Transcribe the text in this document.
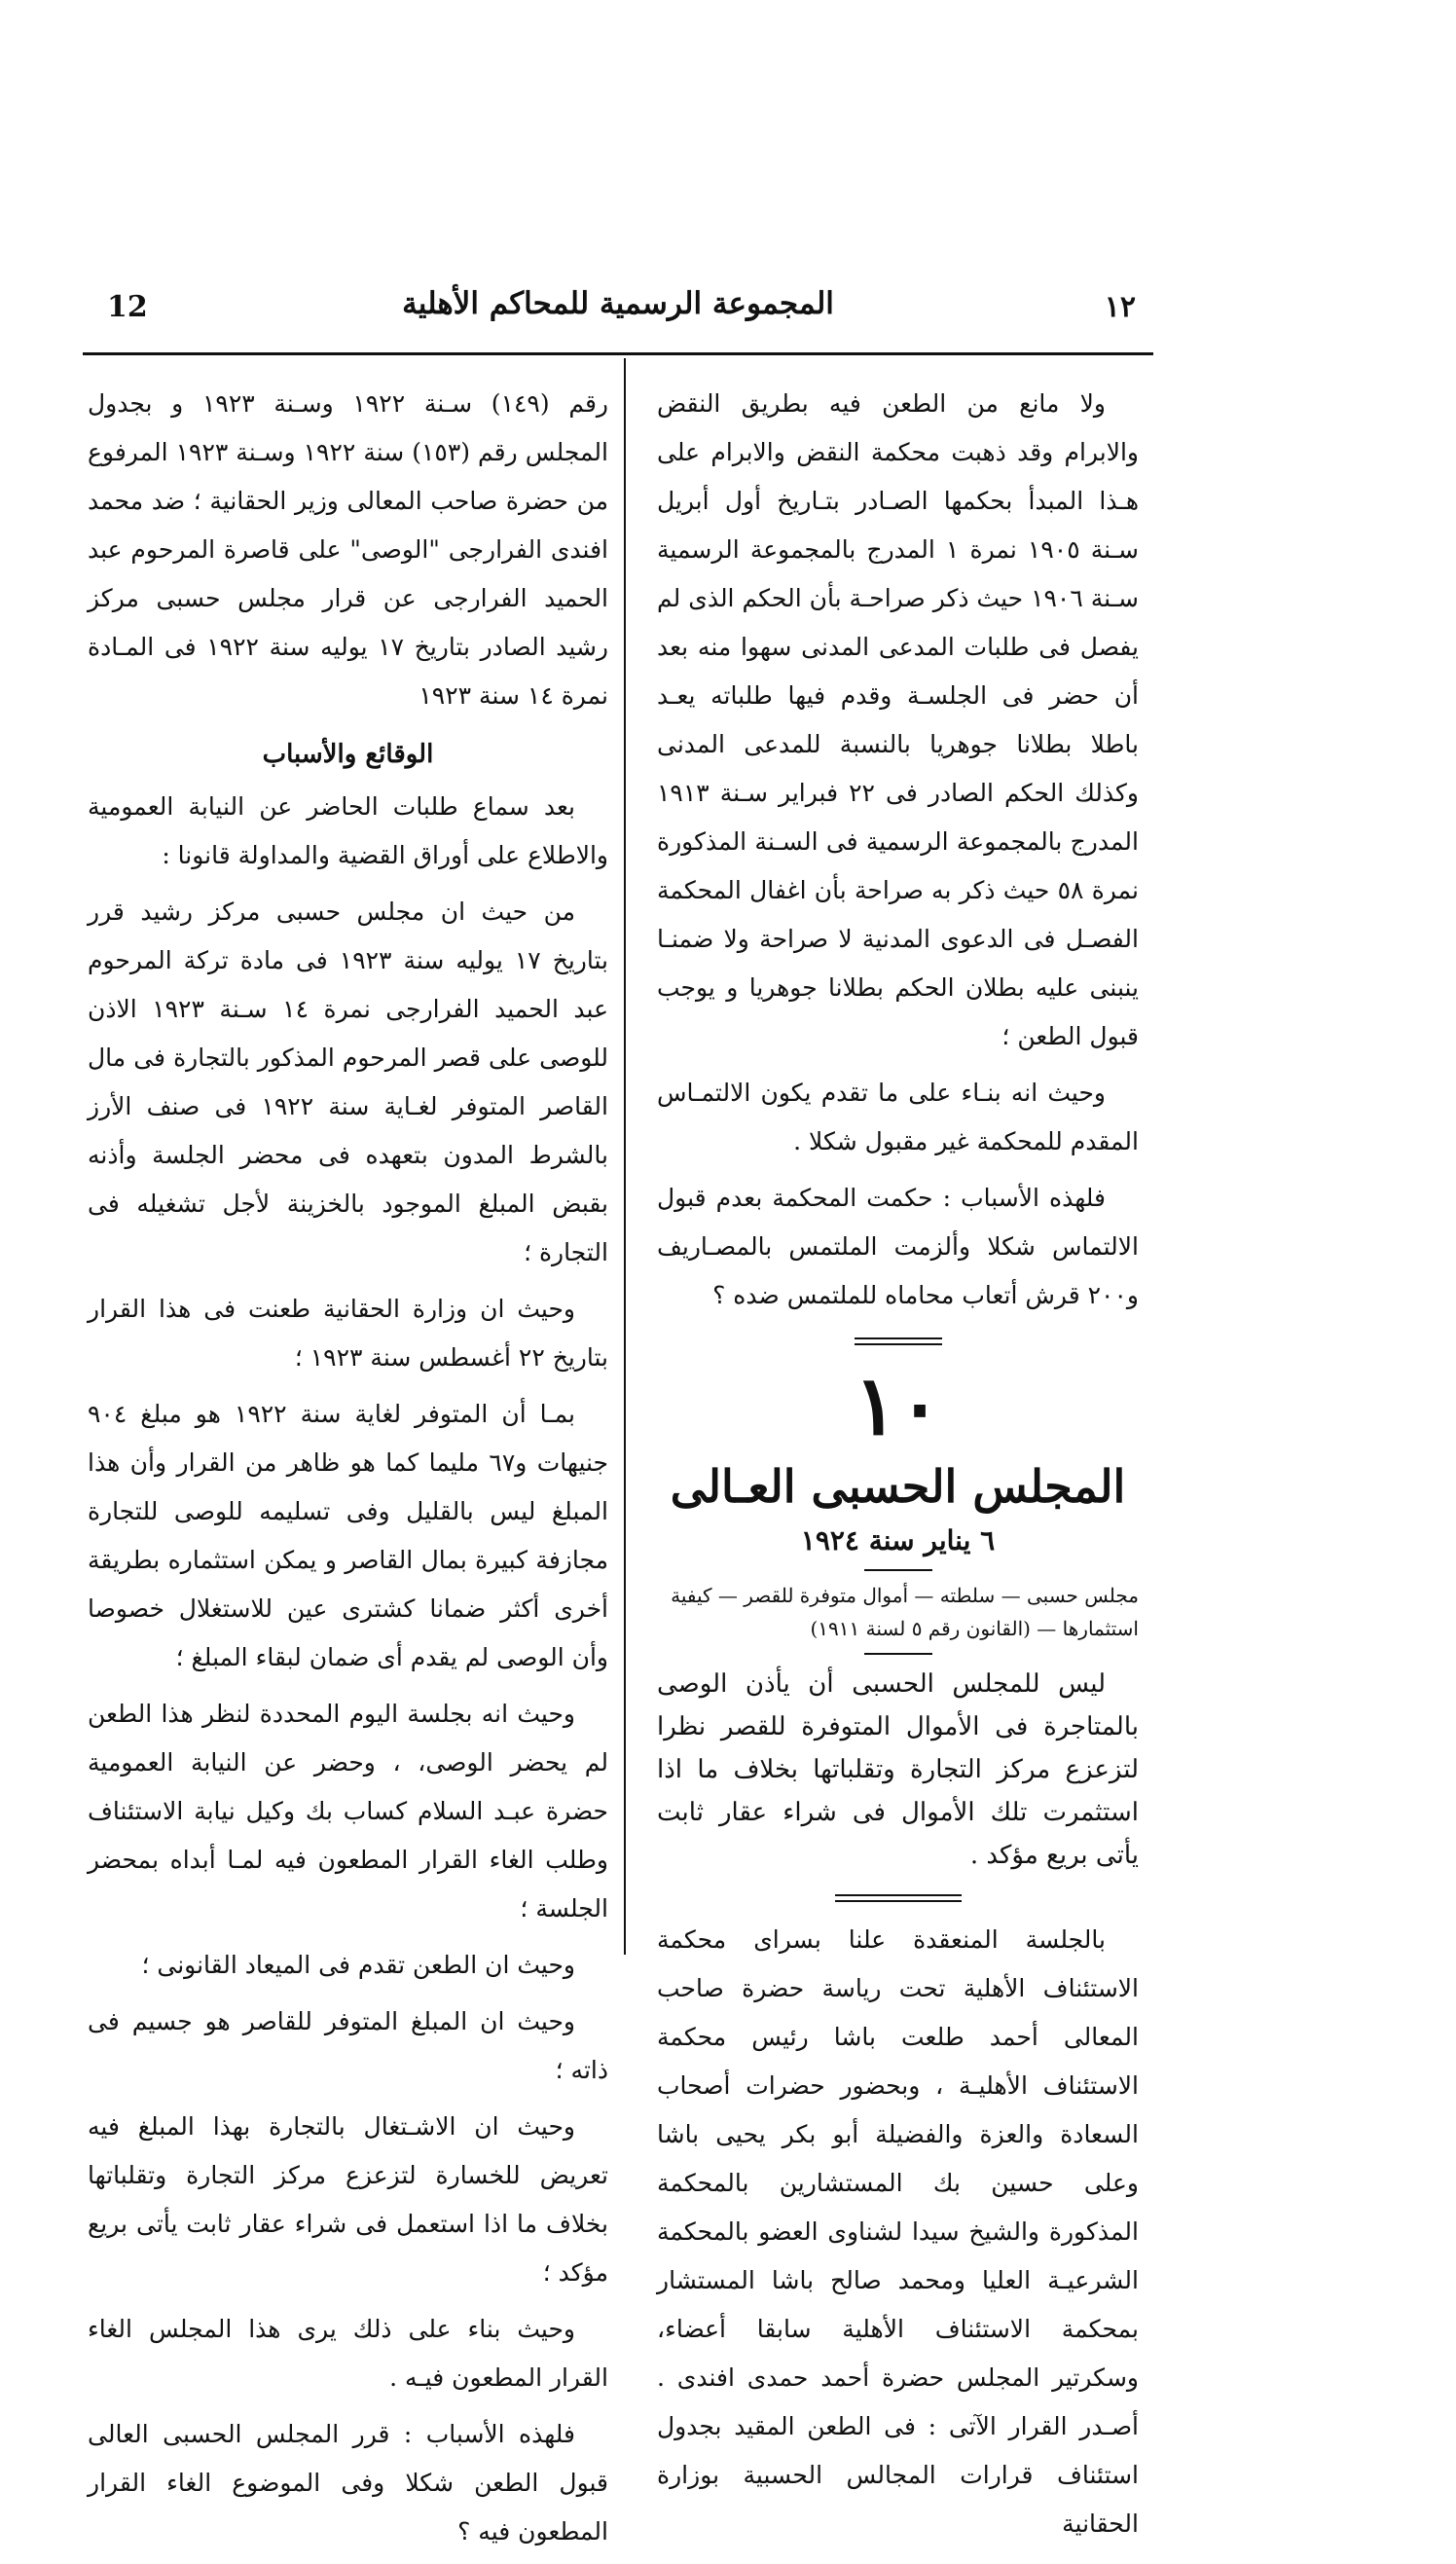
12	المجموعة الرسمية للمحاكم الأهلية	١٢

ولا مانع من الطعن فيه بطريق النقض والابرام وقد ذهبت محكمة النقض والابرام على هـذا المبدأ بحكمها الصـادر بتـاريخ أول أبريل سـنة ١٩٠٥ نمرة ١ المدرج بالمجموعة الرسمية سـنة ١٩٠٦ حيث ذكر صراحـة بأن الحكم الذى لم يفصل فى طلبات المدعى المدنى سهوا منه بعد أن حضر فى الجلسـة وقدم فيها طلباته يعـد باطلا بطلانا جوهريا بالنسبة للمدعى المدنى وكذلك الحكم الصادر فى ٢٢ فبراير سـنة ١٩١٣ المدرج بالمجموعة الرسمية فى السـنة المذكورة نمرة ٥٨ حيث ذكر به صراحة بأن اغفال المحكمة الفصـل فى الدعوى المدنية لا صراحة ولا ضمنـا ينبنى عليه بطلان الحكم بطلانا جوهريا و يوجب قبول الطعن ؛

وحيث انه بنـاء على ما تقدم يكون الالتمـاس المقدم للمحكمة غير مقبول شكلا .

فلهذه الأسباب : حكمت المحكمة بعدم قبول الالتماس شكلا وألزمت الملتمس بالمصـاريف و٢٠٠ قرش أتعاب محاماه للملتمس ضده ؟

١٠
المجلس الحسبى العـالى
٦ يناير سنة ١٩٢٤

مجلس حسبى — سلطته — أموال متوفرة للقصر — كيفية استثمارها — (القانون رقم ٥ لسنة ١٩١١)

ليس للمجلس الحسبى أن يأذن الوصى بالمتاجرة فى الأموال المتوفرة للقصر نظرا لتزعزع مركز التجارة وتقلباتها بخلاف ما اذا استثمرت تلك الأموال فى شراء عقار ثابت يأتى بريع مؤكد .

بالجلسة المنعقدة علنا بسراى محكمة الاستئناف الأهلية تحت رياسة حضرة صاحب المعالى أحمد طلعت باشا رئيس محكمة الاستئناف الأهليـة ، وبحضور حضرات أصحاب السعادة والعزة والفضيلة أبو بكر يحيى باشا وعلى حسين بك المستشارين بالمحكمة المذكورة والشيخ سيدا لشناوى العضو بالمحكمة الشرعيـة العليا ومحمد صالح باشا المستشار بمحكمة الاستئناف الأهلية سابقا أعضاء، وسكرتير المجلس حضرة أحمد حمدى افندى . أصـدر القرار الآتى : فى الطعن المقيد بجدول استئناف قرارات المجالس الحسبية بوزارة الحقانية

رقم (١٤٩) سـنة ١٩٢٢ وسـنة ١٩٢٣ و بجدول المجلس رقم (١٥٣) سنة ١٩٢٢ وسـنة ١٩٢٣ المرفوع من حضرة صاحب المعالى وزير الحقانية ؛ ضد محمد افندى الفرارجى "الوصى" على قاصرة المرحوم عبد الحميد الفرارجى عن قرار مجلس حسبى مركز رشيد الصادر بتاريخ ١٧ يوليه سنة ١٩٢٢ فى المـادة نمرة ١٤ سنة ١٩٢٣

الوقائع والأسباب

بعد سماع طلبات الحاضر عن النيابة العمومية والاطلاع على أوراق القضية والمداولة قانونا :

من حيث ان مجلس حسبى مركز رشيد قرر بتاريخ ١٧ يوليه سنة ١٩٢٣ فى مادة تركة المرحوم عبد الحميد الفرارجى نمرة ١٤ سـنة ١٩٢٣ الاذن للوصى على قصر المرحوم المذكور بالتجارة فى مال القاصر المتوفر لغـاية سنة ١٩٢٢ فى صنف الأرز بالشرط المدون بتعهده فى محضر الجلسة وأذنه بقبض المبلغ الموجود بالخزينة لأجل تشغيله فى التجارة ؛

وحيث ان وزارة الحقانية طعنت فى هذا القرار بتاريخ ٢٢ أغسطس سنة ١٩٢٣ ؛

بمـا أن المتوفر لغاية سنة ١٩٢٢ هو مبلغ ٩٠٤ جنيهات و٦٧ مليما كما هو ظاهر من القرار وأن هذا المبلغ ليس بالقليل وفى تسليمه للوصى للتجارة مجازفة كبيرة بمال القاصر و يمكن استثماره بطريقة أخرى أكثر ضمانا كشترى عين للاستغلال خصوصا وأن الوصى لم يقدم أى ضمان لبقاء المبلغ ؛

وحيث انه بجلسة اليوم المحددة لنظر هذا الطعن لم يحضر الوصى، ، وحضر عن النيابة العمومية حضرة عبـد السلام كساب بك وكيل نيابة الاستئناف وطلب الغاء القرار المطعون فيه لمـا أبداه بمحضر الجلسة ؛

وحيث ان الطعن تقدم فى الميعاد القانونى ؛

وحيث ان المبلغ المتوفر للقاصر هو جسيم فى ذاته ؛

وحيث ان الاشـتغال بالتجارة بهذا المبلغ فيه تعريض للخسارة لتزعزع مركز التجارة وتقلباتها بخلاف ما اذا استعمل فى شراء عقار ثابت يأتى بريع مؤكد ؛

وحيث بناء على ذلك يرى هذا المجلس الغاء القرار المطعون فيـه .

فلهذه الأسباب : قرر المجلس الحسبى العالى قبول الطعن شكلا وفى الموضوع الغاء القرار المطعون فيه ؟
